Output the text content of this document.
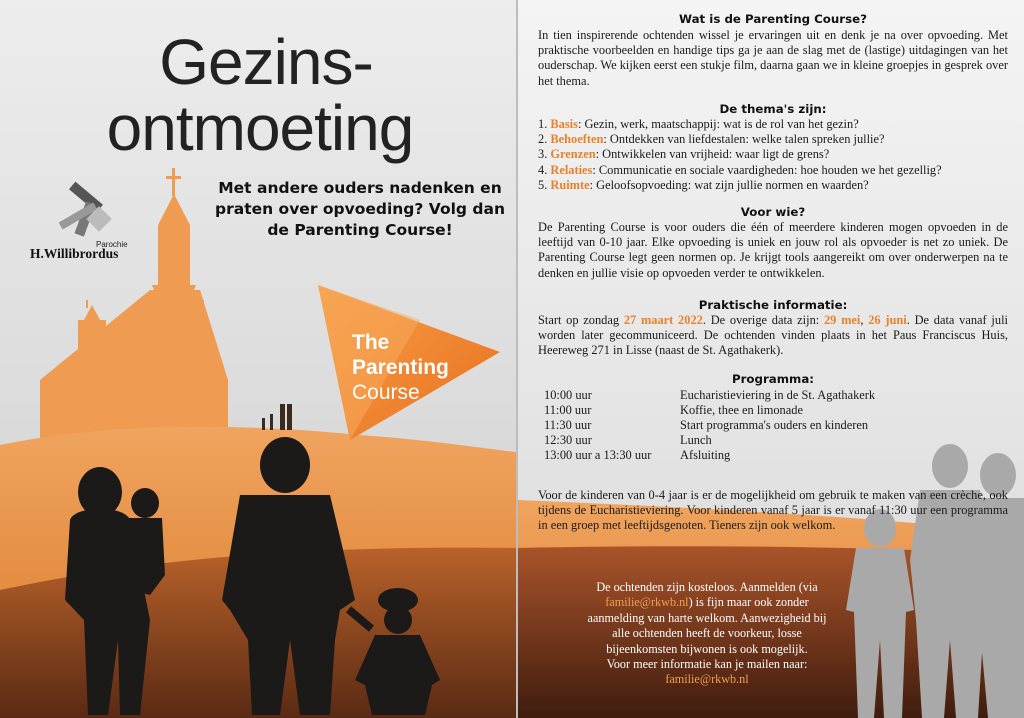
Gezins-
ontmoeting
Met andere ouders nadenken en praten over opvoeding? Volg dan de Parenting Course!
Parochie
H.Willibrordus
The
Parenting
Course
Wat is de Parenting Course?
In tien inspirerende ochtenden wissel je ervaringen uit en denk je na over opvoeding. Met praktische voorbeelden en handige tips ga je aan de slag met de (lastige) uitdagingen van het ouderschap. We kijken eerst een stukje film, daarna gaan we in kleine groepjes in gesprek over het thema.
De thema's zijn:
1. Basis: Gezin, werk, maatschappij: wat is de rol van het gezin?
2. Behoeften: Ontdekken van liefdestalen: welke talen spreken jullie?
3. Grenzen: Ontwikkelen van vrijheid: waar ligt de grens?
4. Relaties: Communicatie en sociale vaardigheden: hoe houden we het gezellig?
5. Ruimte: Geloofsopvoeding: wat zijn jullie normen en waarden?
Voor wie?
De Parenting Course is voor ouders die één of meerdere kinderen mogen opvoeden in de leeftijd van 0-10 jaar. Elke opvoeding is uniek en jouw rol als opvoeder is net zo uniek. De Parenting Course legt geen normen op. Je krijgt tools aangereikt om over onderwerpen na te denken en jullie visie op opvoeden verder te ontwikkelen.
Praktische informatie:
Start op zondag 27 maart 2022. De overige data zijn: 29 mei, 26 juni. De data vanaf juli worden later gecommuniceerd. De ochtenden vinden plaats in het Paus Franciscus Huis, Heereweg 271 in Lisse (naast de St. Agathakerk).
Programma:
10:00 uur	Eucharistieviering in de St. Agathakerk
11:00 uur	Koffie, thee en limonade
11:30 uur	Start programma's ouders en kinderen
12:30 uur	Lunch
13:00 uur a 13:30 uur Afsluiting
Voor de kinderen van 0-4 jaar is er de mogelijkheid om gebruik te maken van een crèche, ook tijdens de Eucharistieviering. Voor kinderen vanaf 5 jaar is er vanaf 11:30 uur een programma in een groep met leeftijdsgenoten. Tieners zijn ook welkom.
De ochtenden zijn kosteloos. Aanmelden (via familie@rkwb.nl) is fijn maar ook zonder aanmelding van harte welkom. Aanwezigheid bij alle ochtenden heeft de voorkeur, losse bijeenkomsten bijwonen is ook mogelijk.
Voor meer informatie kan je mailen naar:
familie@rkwb.nl
